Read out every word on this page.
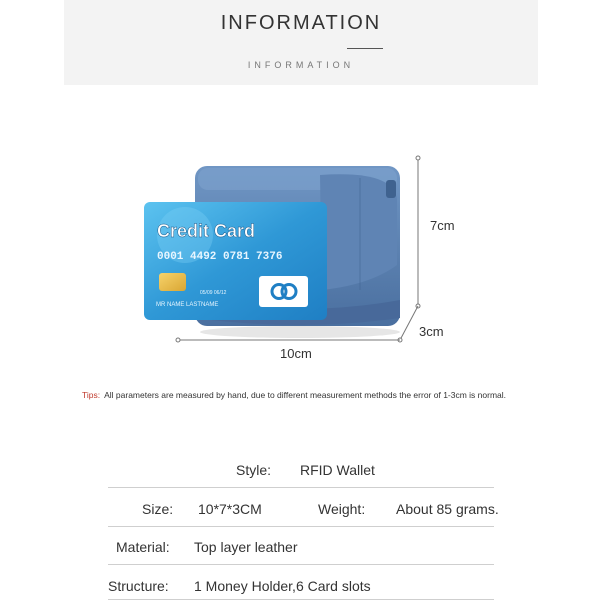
INFORMATION
INFORMATION
Credit Card
0001 4492 0781 7376
05/09 06/12
MR NAME LASTNAME
7cm
3cm
10cm
Tips: All parameters are measured by hand, due to different measurement methods the error of 1-3cm is normal.
Style: RFID Wallet
Size: 10*7*3CM	Weight: About 85 grams.
Material: Top layer leather
Structure: 1 Money Holder,6 Card slots
